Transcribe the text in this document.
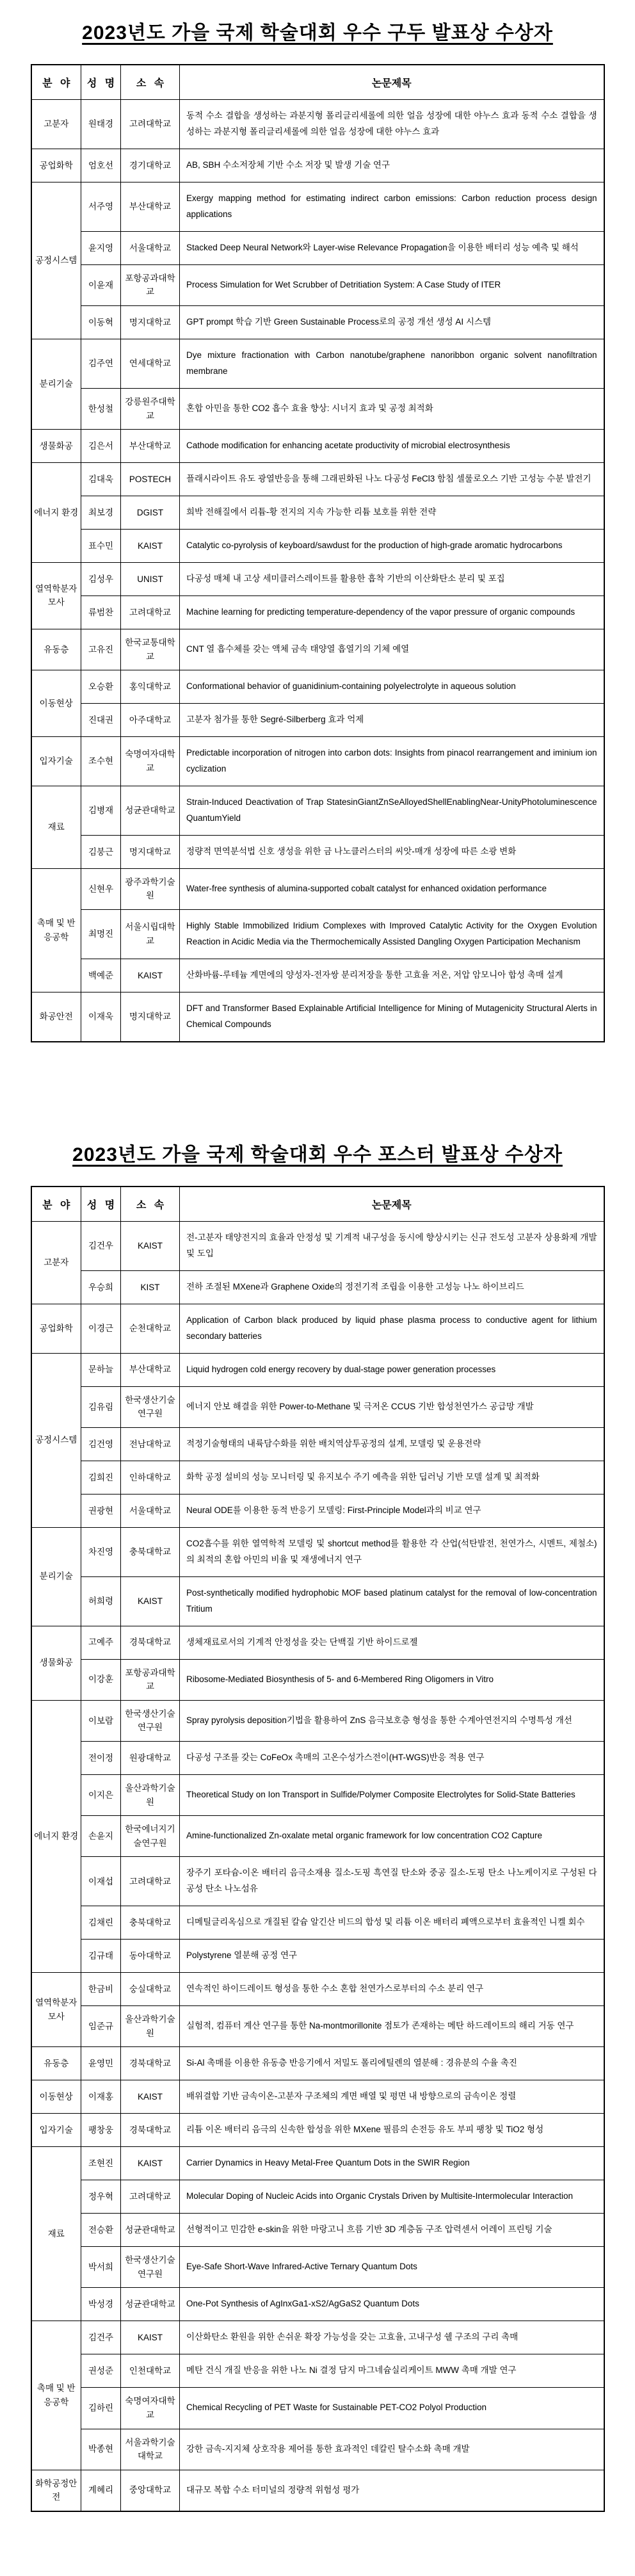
2023년도 가을 국제 학술대회 우수 구두 발표상 수상자
분 야	성 명	소 속	논문제목
고분자	원태경	고려대학교	동적 수소 결합을 생성하는 과분지형 폴리글리세롤에 의한 얼음 성장에 대한 야누스 효과 동적 수소 결합을 생성하는 과분지형 폴리글리세롤에 의한 얼음 성장에 대한 야누스 효과
공업화학	엄호선	경기대학교	AB, SBH 수소저장체 기반 수소 저장 및 발생 기술 연구
공정시스템	서주영	부산대학교	Exergy mapping method for estimating indirect carbon emissions: Carbon reduction process design applications
	윤지영	서울대학교	Stacked Deep Neural Network와 Layer-wise Relevance Propagation을 이용한 배터리 성능 예측 및 해석
	이윤재	포항공과대학교	Process Simulation for Wet Scrubber of Detritiation System: A Case Study of ITER
	이동혁	명지대학교	GPT prompt 학습 기반 Green Sustainable Process로의 공정 개선 생성 AI 시스템
분리기술	김주연	연세대학교	Dye mixture fractionation with Carbon nanotube/graphene nanoribbon organic solvent nanofiltration membrane
	한성철	강릉원주대학교	혼합 아민을 통한 CO2 흡수 효율 향상: 시너지 효과 및 공정 최적화
생물화공	김은서	부산대학교	Cathode modification for enhancing acetate productivity of microbial electrosynthesis
에너지 환경	김대욱	POSTECH	플래시라이트 유도 광열반응을 통해 그래핀화된 나노 다공성 FeCl3 함침 셀룰로오스 기반 고성능 수분 발전기
	최보경	DGIST	희박 전해질에서 리튬-황 전지의 지속 가능한 리튬 보호를 위한 전략
	표수민	KAIST	Catalytic co-pyrolysis of keyboard/sawdust for the production of high-grade aromatic hydrocarbons
열역학분자모사	김성우	UNIST	다공성 매체 내 고상 세미클러스레이트를 활용한 흡착 기반의 이산화탄소 분리 및 포집
	류범찬	고려대학교	Machine learning for predicting temperature-dependency of the vapor pressure of organic compounds
유동층	고유진	한국교통대학교	CNT 열 흡수체를 갖는 액체 금속 태양열 흡열기의 기체 예열
이동현상	오승환	홍익대학교	Conformational behavior of guanidinium-containing polyelectrolyte in aqueous solution
	진대권	아주대학교	고분자 첨가를 통한 Segré-Silberberg 효과 억제
입자기술	조수현	숙명여자대학교	Predictable incorporation of nitrogen into carbon dots: Insights from pinacol rearrangement and iminium ion cyclization
재료	김병재	성균관대학교	Strain-Induced Deactivation of Trap StatesinGiantZnSeAlloyedShellEnablingNear-UnityPhotoluminescence QuantumYield
	김붕근	명지대학교	정량적 면역분석법 신호 생성을 위한 금 나노클러스터의 씨앗-매개 성장에 따른 소광 변화
촉매 및 반응공학	신현우	광주과학기술원	Water-free synthesis of alumina-supported cobalt catalyst for enhanced oxidation performance
	최명진	서울시립대학교	Highly Stable Immobilized Iridium Complexes with Improved Catalytic Activity for the Oxygen Evolution Reaction in Acidic Media via the Thermochemically Assisted Dangling Oxygen Participation Mechanism
	백예준	KAIST	산화바륨-루테늄 계면에의 양성자-전자쌍 분리저장을 통한 고효율 저온, 저압 암모니아 합성 촉매 설계
화공안전	이재욱	명지대학교	DFT and Transformer Based Explainable Artificial Intelligence for Mining of Mutagenicity Structural Alerts in Chemical Compounds
2023년도 가을 국제 학술대회 우수 포스터 발표상 수상자
분 야	성 명	소 속	논문제목
고분자	김건우	KAIST	전-고분자 태양전지의 효율과 안정성 및 기계적 내구성을 동시에 향상시키는 신규 전도성 고분자 상용화제 개발 및 도입
	우승희	KIST	전하 조절된 MXene과 Graphene Oxide의 정전기적 조립을 이용한 고성능 나노 하이브리드
공업화학	이경근	순천대학교	Application of Carbon black produced by liquid phase plasma process to conductive agent for lithium secondary batteries
공정시스템	문하늘	부산대학교	Liquid hydrogen cold energy recovery by dual-stage power generation processes
	김유림	한국생산기술연구원	에너지 안보 해결을 위한 Power-to-Methane 및 극저온 CCUS 기반 합성천연가스 공급망 개발
	김건영	전남대학교	적정기술형태의 내륙담수화를 위한 배치역삼투공정의 설계, 모델링 및 운용전략
	김희진	인하대학교	화학 공정 설비의 성능 모니터링 및 유지보수 주기 예측을 위한 딥러닝 기반 모델 설계 및 최적화
	권광현	서울대학교	Neural ODE를 이용한 동적 반응기 모델링: First-Principle Model과의 비교 연구
분리기술	차진영	충북대학교	CO2흡수를 위한 열역학적 모델링 및 shortcut method를 활용한 각 산업(석탄발전, 천연가스, 시멘트, 제철소)의 최적의 혼합 아민의 비율 및 재생에너지 연구
	허희령	KAIST	Post-synthetically modified hydrophobic MOF based platinum catalyst for the removal of low-concentration Tritium
생물화공	고예주	경북대학교	생체재료로서의 기계적 안정성을 갖는 단백질 기반 하이드로젤
	이강훈	포항공과대학교	Ribosome-Mediated Biosynthesis of 5- and 6-Membered Ring Oligomers in Vitro
에너지 환경	이보람	한국생산기술연구원	Spray pyrolysis deposition기법을 활용하여 ZnS 음극보호층 형성을 통한 수계아연전지의 수명특성 개선
	전이정	원광대학교	다공성 구조를 갖는 CoFeOx 촉매의 고온수성가스전이(HT-WGS)반응 적용 연구
	이지은	울산과학기술원	Theoretical Study on Ion Transport in Sulfide/Polymer Composite Electrolytes for Solid-State Batteries
	손윤지	한국에너지기술연구원	Amine-functionalized Zn-oxalate metal organic framework for low concentration CO2 Capture
	이재섭	고려대학교	장주기 포타슘-이온 배터리 음극소재용 질소-도핑 흑연질 탄소와 중공 질소-도핑 탄소 나노케이지로 구성된 다공성 탄소 나노섬유
	김채린	충북대학교	디메틸글리옥심으로 개질된 칼슘 알긴산 비드의 합성 및 리튬 이온 배터리 폐액으로부터 효율적인 니켈 회수
	김규태	동아대학교	Polystyrene 열분해 공정 연구
열역학분자모사	한금비	숭실대학교	연속적인 하이드레이트 형성을 통한 수소 혼합 천연가스로부터의 수소 분리 연구
	임준규	울산과학기술원	실험적, 컴퓨터 계산 연구를 통한 Na-montmorillonite 점토가 존재하는 메탄 하드레이트의 해리 거동 연구
유동층	윤영민	경북대학교	Si-Al 촉매를 이용한 유동층 반응기에서 저밀도 폴리에틸렌의 열분해 : 경유분의 수율 촉진
이동현상	이재홍	KAIST	배위결합 기반 금속이온-고분자 구조체의 계면 배열 및 평면 내 방향으로의 금속이온 정렬
입자기술	팽창웅	경북대학교	리튬 이온 배터리 음극의 신속한 합성을 위한 MXene 필름의 손전등 유도 부피 팽창 및 TiO2 형성
재료	조현진	KAIST	Carrier Dynamics in Heavy Metal-Free Quantum Dots in the SWIR Region
	정우혁	고려대학교	Molecular Doping of Nucleic Acids into Organic Crystals Driven by Multisite-Intermolecular Interaction
	전승환	성균관대학교	선형적이고 민감한 e-skin을 위한 마랑고니 흐름 기반 3D 계층돔 구조 압력센서 어레이 프린팅 기술
	박서희	한국생산기술연구원	Eye-Safe Short-Wave Infrared-Active Ternary Quantum Dots
	박성경	성균관대학교	One-Pot Synthesis of AgInxGa1-xS2/AgGaS2 Quantum Dots
촉매 및 반응공학	김건주	KAIST	이산화탄소 환원을 위한 손쉬운 확장 가능성을 갖는 고효율, 고내구성 쉘 구조의 구리 촉매
	권성준	인천대학교	메탄 건식 개질 반응을 위한 나노 Ni 결정 담지 마그네슘실리케이트 MWW 촉매 개발 연구
	김하린	숙명여자대학교	Chemical Recycling of PET Waste for Sustainable PET-CO2 Polyol Production
	박종현	서울과학기술대학교	강한 금속-지지체 상호작용 제어를 통한 효과적인 데칼린 탈수소화 촉매 개발
화학공정안전	계혜리	중앙대학교	대규모 복합 수소 터미널의 정량적 위험성 평가
